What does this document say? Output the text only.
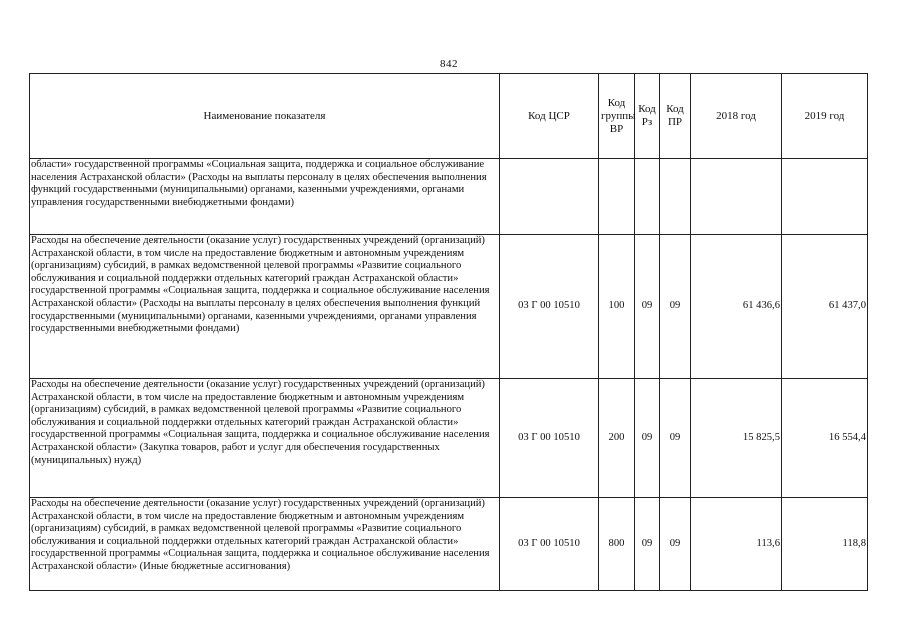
842
Наименование показателя	Код ЦСР	Код группы ВР	Код Рз	Код ПР	2018 год	2019 год
области» государственной программы «Социальная защита, поддержка и социальное обслуживание населения Астраханской области» (Расходы на выплаты персоналу в целях обеспечения выполнения функций государственными (муниципальными) органами, казенными учреждениями, органами управления государственными внебюджетными фондами)						
Расходы на обеспечение деятельности (оказание услуг) государственных учреждений (организаций) Астраханской области, в том числе на предоставление бюджетным и автономным учреждениям (организациям) субсидий, в рамках ведомственной целевой программы «Развитие социального обслуживания и социальной поддержки отдельных категорий граждан Астраханской области» государственной программы «Социальная защита, поддержка и социальное обслуживание населения Астраханской области» (Расходы на выплаты персоналу в целях обеспечения выполнения функций государственными (муниципальными) органами, казенными учреждениями, органами управления государственными внебюджетными фондами)	03 Г 00 10510	100	09	09	61 436,6	61 437,0
Расходы на обеспечение деятельности (оказание услуг) государственных учреждений (организаций) Астраханской области, в том числе на предоставление бюджетным и автономным учреждениям (организациям) субсидий, в рамках ведомственной целевой программы «Развитие социального обслуживания и социальной поддержки отдельных категорий граждан Астраханской области» государственной программы «Социальная защита, поддержка и социальное обслуживание населения Астраханской области» (Закупка товаров, работ и услуг для обеспечения государственных (муниципальных) нужд)	03 Г 00 10510	200	09	09	15 825,5	16 554,4
Расходы на обеспечение деятельности (оказание услуг) государственных учреждений (организаций) Астраханской области, в том числе на предоставление бюджетным и автономным учреждениям (организациям) субсидий, в рамках ведомственной целевой программы «Развитие социального обслуживания и социальной поддержки отдельных категорий граждан Астраханской области» государственной программы «Социальная защита, поддержка и социальное обслуживание населения Астраханской области» (Иные бюджетные ассигнования)	03 Г 00 10510	800	09	09	113,6	118,8
